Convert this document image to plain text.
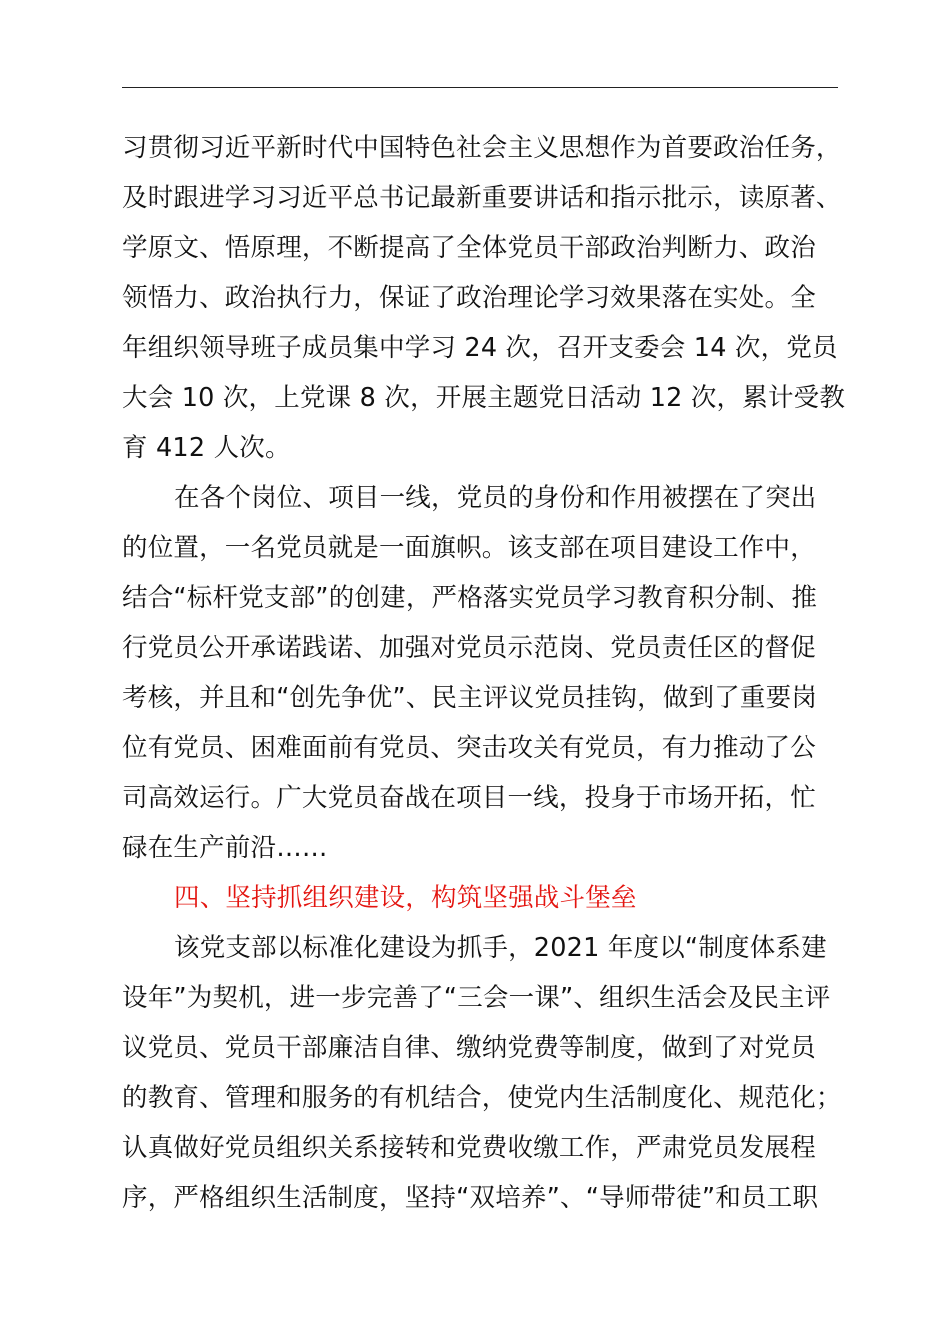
习贯彻习近平新时代中国特色社会主义思想作为首要政治任务，
及时跟进学习习近平总书记最新重要讲话和指示批示，读原著、
学原文、悟原理，不断提高了全体党员干部政治判断力、政治
领悟力、政治执行力，保证了政治理论学习效果落在实处。全
年组织领导班子成员集中学习 24 次，召开支委会 14 次，党员
大会 10 次，上党课 8 次，开展主题党日活动 12 次，累计受教
育 412 人次。
在各个岗位、项目一线，党员的身份和作用被摆在了突出
的位置，一名党员就是一面旗帜。该支部在项目建设工作中，
结合“标杆党支部”的创建，严格落实党员学习教育积分制、推
行党员公开承诺践诺、加强对党员示范岗、党员责任区的督促
考核，并且和“创先争优”、民主评议党员挂钩，做到了重要岗
位有党员、困难面前有党员、突击攻关有党员，有力推动了公
司高效运行。广大党员奋战在项目一线，投身于市场开拓，忙
碌在生产前沿……
四、坚持抓组织建设，构筑坚强战斗堡垒
该党支部以标准化建设为抓手，2021 年度以“制度体系建
设年”为契机，进一步完善了“三会一课”、组织生活会及民主评
议党员、党员干部廉洁自律、缴纳党费等制度，做到了对党员
的教育、管理和服务的有机结合，使党内生活制度化、规范化；
认真做好党员组织关系接转和党费收缴工作，严肃党员发展程
序，严格组织生活制度，坚持“双培养”、“导师带徒”和员工职
